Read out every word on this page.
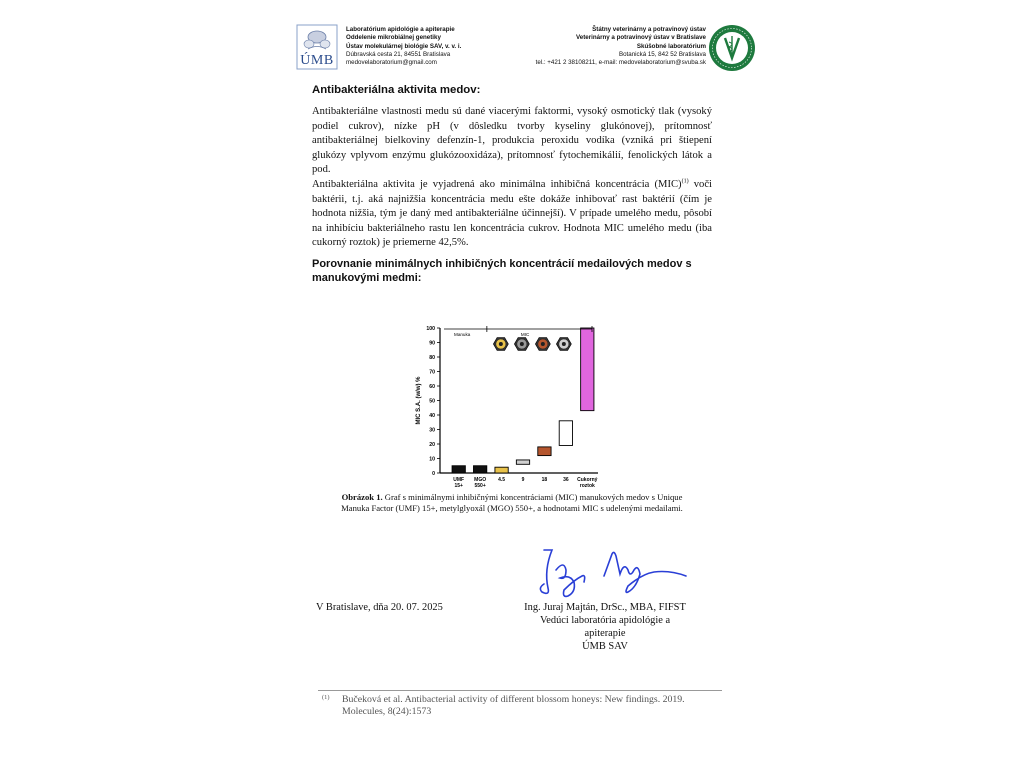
ÚMB
Laboratórium apidológie a apiterapie
Oddelenie mikrobiálnej genetiky
Ústav molekulárnej biológie SAV, v. v. i.
Dúbravská cesta 21, 84551 Bratislava
medovelaboratorium@gmail.com
Štátny veterinárny a potravinový ústav
Veterinárny a potravinový ústav v Bratislave
Skúšobné laboratórium
Botanická 15, 842 52 Bratislava
tel.: +421 2 38108211, e-mail: medovelaboratorium@svuba.sk
Antibakteriálna aktivita medov:

Antibakteriálne vlastnosti medu sú dané viacerými faktormi, vysoký osmotický tlak (vysoký podiel cukrov), nízke pH (v dôsledku tvorby kyseliny glukónovej), prítomnosť antibakteriálnej bielkoviny defenzín-1, produkcia peroxidu vodíka (vzniká pri štiepení glukózy vplyvom enzýmu glukózooxidáza), prítomnosť fytochemikálií, fenolických látok a pod.

Antibakteriálna aktivita je vyjadrená ako minimálna inhibičná koncentrácia (MIC)$^{(1)}$ voči baktérii, t.j. aká najnižšia koncentrácia medu ešte dokáže inhibovať rast baktérií (čím je hodnota nižšia, tým je daný med antibakteriálne účinnejší). V prípade umelého medu, pôsobí na inhibíciu bakteriálneho rastu len koncentrácia cukrov. Hodnota MIC umelého medu (iba cukorný roztok) je priemerne 42,5%.

Porovnanie minimálnych inhibičných koncentrácií medailových medov s manukovými medmi:
0
10
20
30
40
50
60
70
80
90
100
MIC S.A. (w/w) %
UMF
15+
MGO
550+
4.5	9	18	36 Cukorný
roztok
Manuka	MIC
Obrázok 1. Graf s minimálnymi inhibičnými koncentráciami (MIC) manukových medov s Unique Manuka Factor (UMF) 15+, metylglyoxál (MGO) 550+, a hodnotami MIC s udelenými medailami.
V Bratislave, dňa 20. 07. 2025	Ing. Juraj Majtán, DrSc., MBA, FIFST
Vedúci laboratória apidológie a apiterapie
ÚMB SAV
(1) Bučeková et al. Antibacterial activity of different blossom honeys: New findings. 2019. Molecules, 8(24):1573
